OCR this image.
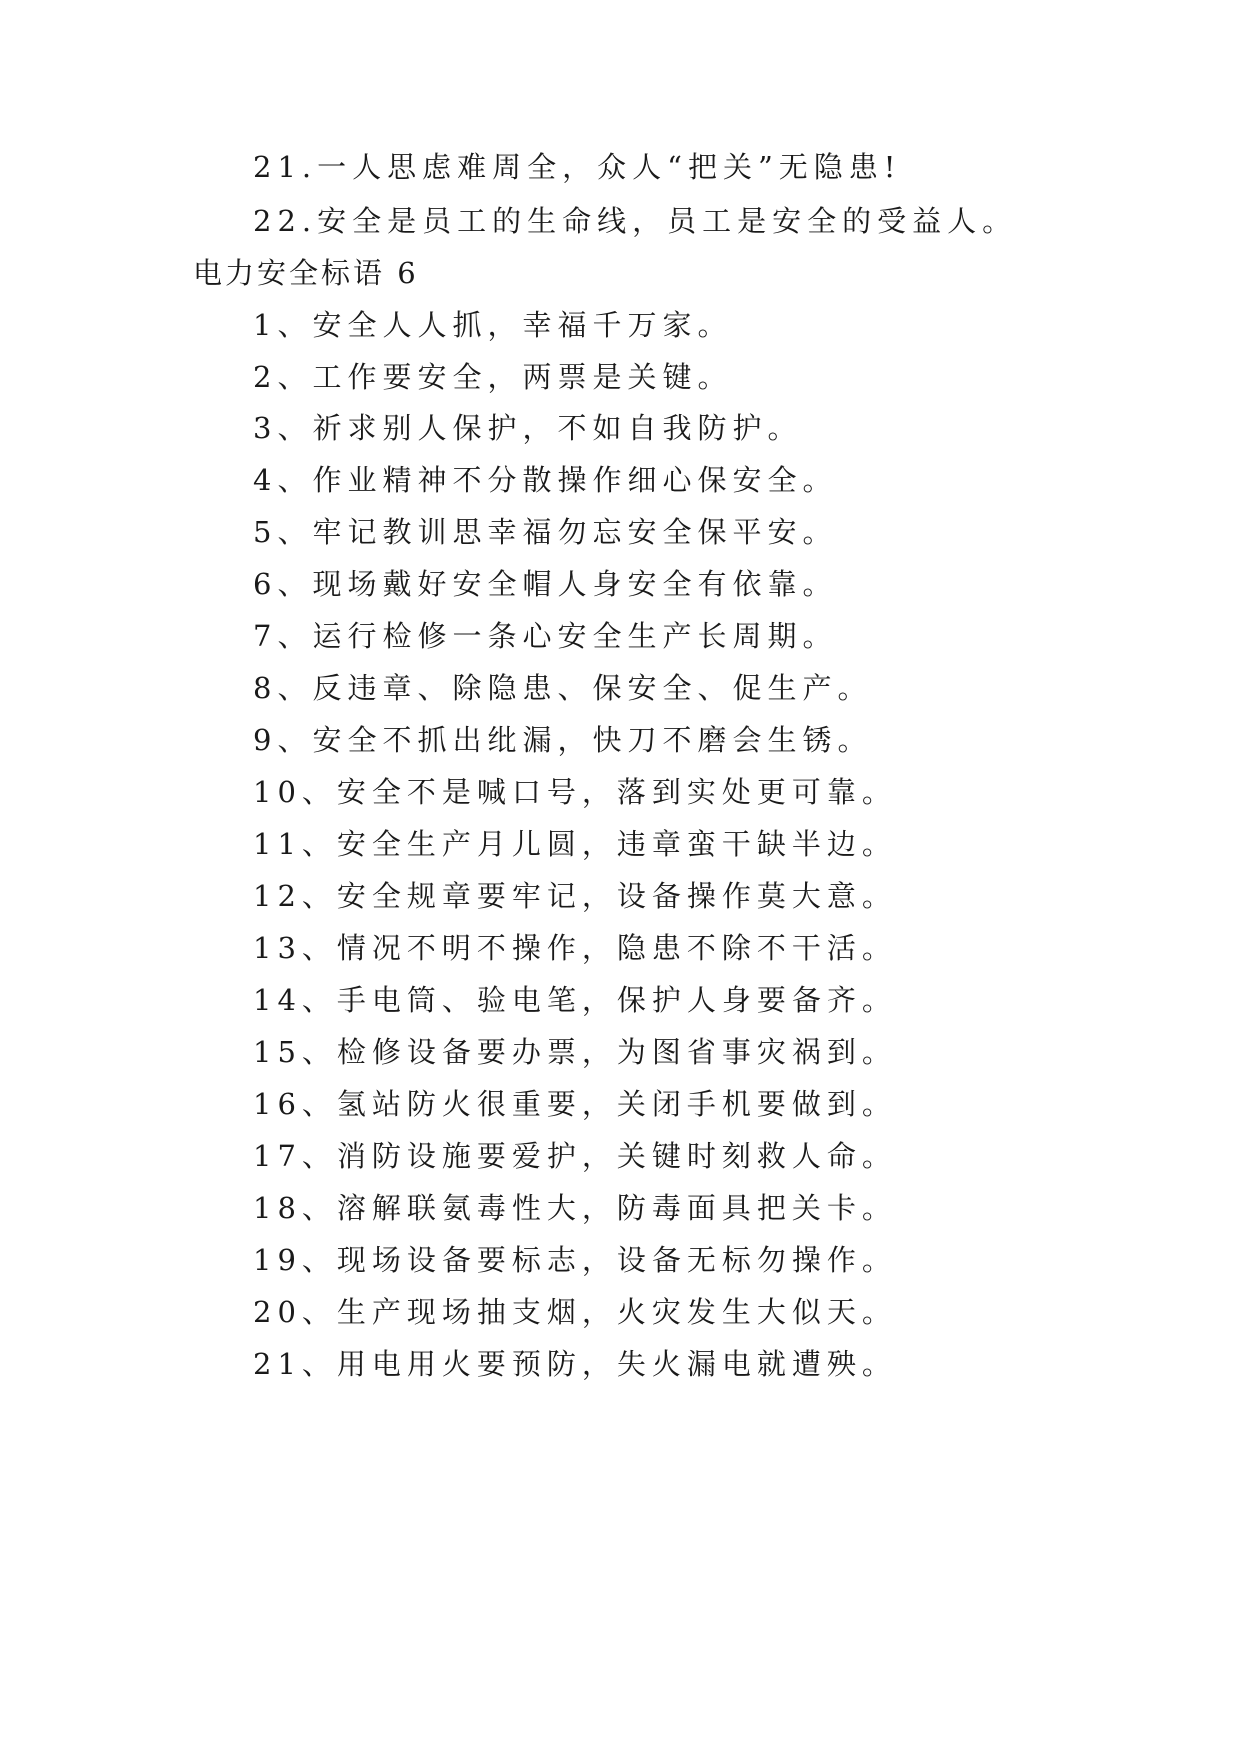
21.一人思虑难周全，众人“把关”无隐患!
22.安全是员工的生命线，员工是安全的受益人。
电力安全标语 6
1、安全人人抓，幸福千万家。
2、工作要安全，两票是关键。
3、祈求别人保护，不如自我防护。
4、作业精神不分散操作细心保安全。
5、牢记教训思幸福勿忘安全保平安。
6、现场戴好安全帽人身安全有依靠。
7、运行检修一条心安全生产长周期。
8、反违章、除隐患、保安全、促生产。
9、安全不抓出纰漏，快刀不磨会生锈。
10、安全不是喊口号，落到实处更可靠。
11、安全生产月儿圆，违章蛮干缺半边。
12、安全规章要牢记，设备操作莫大意。
13、情况不明不操作，隐患不除不干活。
14、手电筒、验电笔，保护人身要备齐。
15、检修设备要办票，为图省事灾祸到。
16、氢站防火很重要，关闭手机要做到。
17、消防设施要爱护，关键时刻救人命。
18、溶解联氨毒性大，防毒面具把关卡。
19、现场设备要标志，设备无标勿操作。
20、生产现场抽支烟，火灾发生大似天。
21、用电用火要预防，失火漏电就遭殃。
